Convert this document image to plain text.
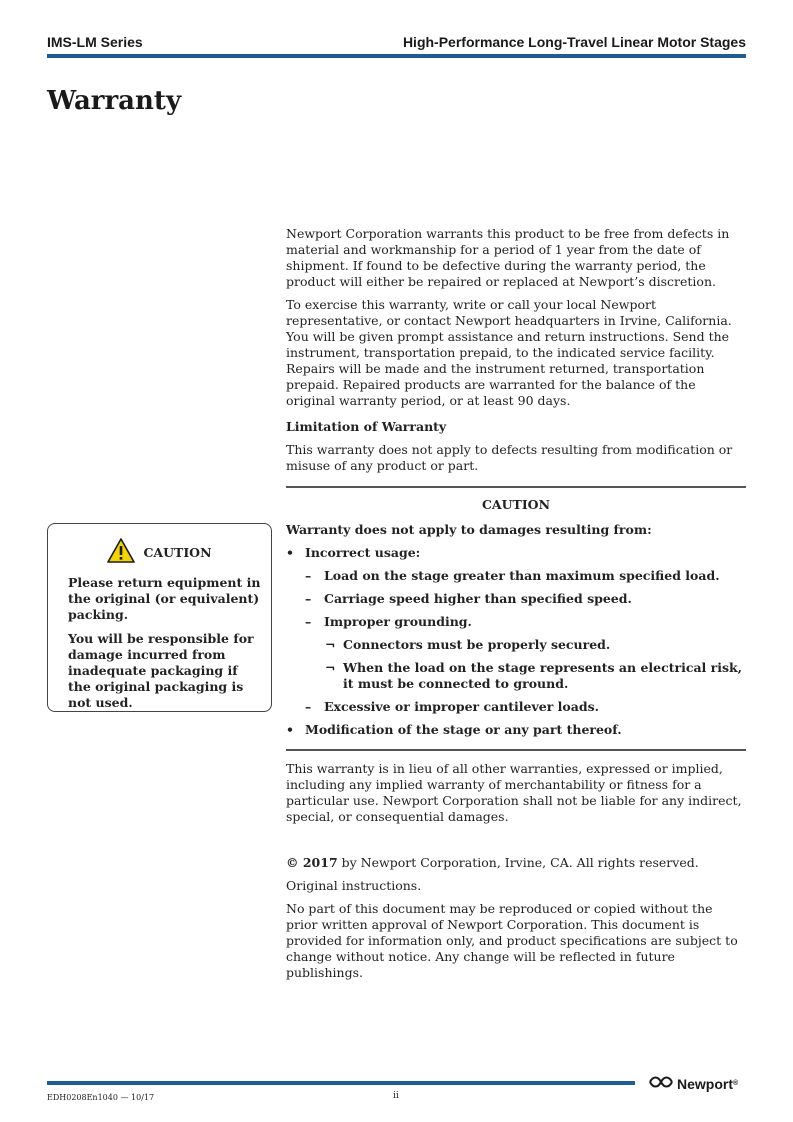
IMS-LM Series	High-Performance Long-Travel Linear Motor Stages
Warranty

Newport Corporation warrants this product to be free from defects in material and workmanship for a period of 1 year from the date of shipment. If found to be defective during the warranty period, the product will either be repaired or replaced at Newport’s discretion.

To exercise this warranty, write or call your local Newport representative, or contact Newport headquarters in Irvine, California. You will be given prompt assistance and return instructions. Send the instrument, transportation prepaid, to the indicated service facility. Repairs will be made and the instrument returned, transportation prepaid. Repaired products are warranted for the balance of the original warranty period, or at least 90 days.

Limitation of Warranty

This warranty does not apply to defects resulting from modification or misuse of any product or part.

CAUTION
Warranty does not apply to damages resulting from:
• Incorrect usage:
– Load on the stage greater than maximum specified load.
– Carriage speed higher than specified speed.
– Improper grounding.
¬ Connectors must be properly secured.
¬ When the load on the stage represents an electrical risk, it must be connected to ground.
– Excessive or improper cantilever loads.
• Modification of the stage or any part thereof.

This warranty is in lieu of all other warranties, expressed or implied, including any implied warranty of merchantability or fitness for a particular use. Newport Corporation shall not be liable for any indirect, special, or consequential damages.

© 2017 by Newport Corporation, Irvine, CA. All rights reserved.

Original instructions.

No part of this document may be reproduced or copied without the prior written approval of Newport Corporation. This document is provided for information only, and product specifications are subject to change without notice. Any change will be reflected in future publishings.

CAUTION

Please return equipment in the original (or equivalent) packing.

You will be responsible for damage incurred from inadequate packaging if the original packaging is not used.

EDH0208En1040 — 10/17	ii
Newport ®
